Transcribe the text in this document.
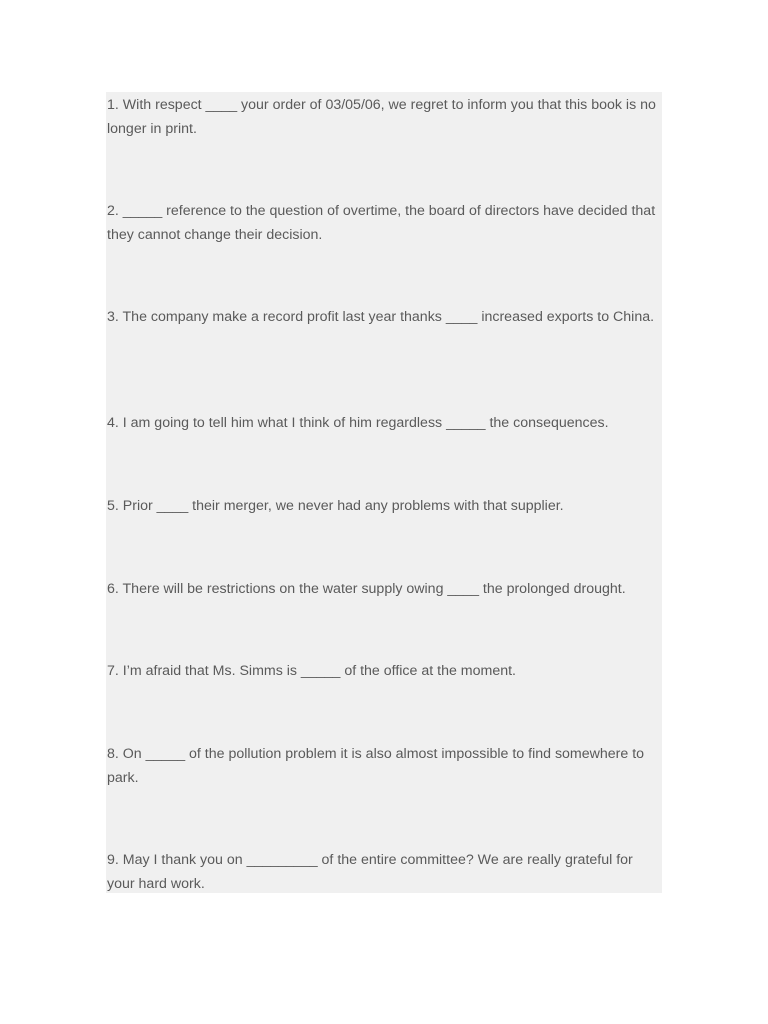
1. With respect ____ your order of 03/05/06, we regret to inform you that this book is no longer in print.

2. _____ reference to the question of overtime, the board of directors have decided that they cannot change their decision.

3. The company make a record profit last year thanks ____ increased exports to China.

4. I am going to tell him what I think of him regardless _____ the consequences.

5. Prior ____ their merger, we never had any problems with that supplier.

6. There will be restrictions on the water supply owing ____ the prolonged drought.

7. I’m afraid that Ms. Simms is _____ of the office at the moment.

8. On _____ of the pollution problem it is also almost impossible to find somewhere to park.

9. May I thank you on _________ of the entire committee? We are really grateful for your hard work.
